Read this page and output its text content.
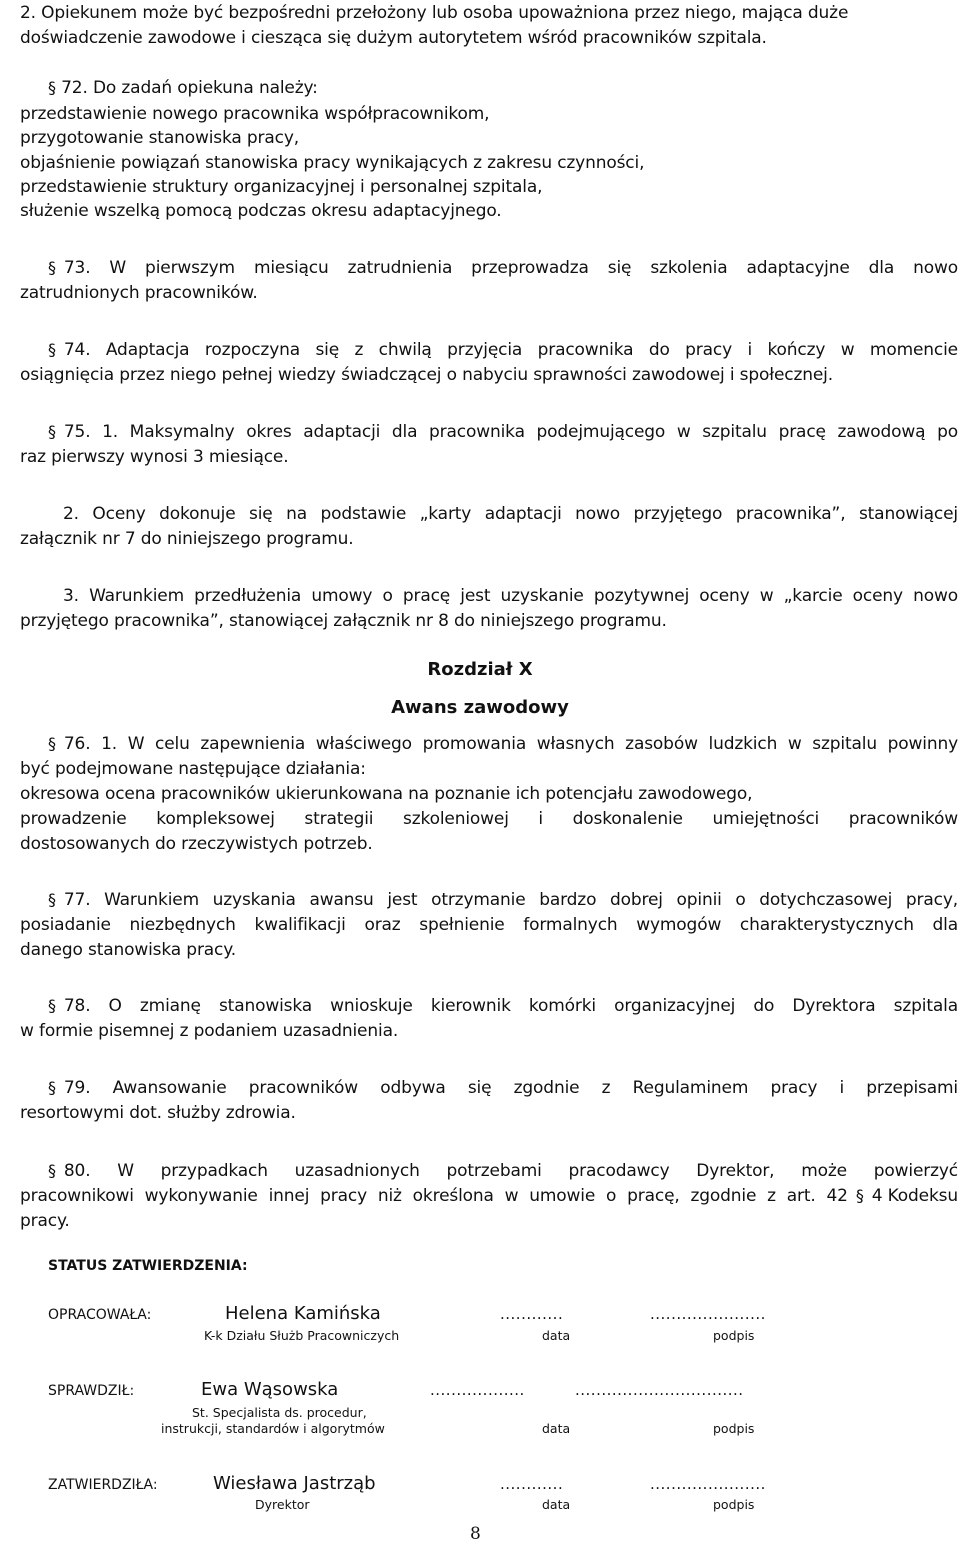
2. Opiekunem może być bezpośredni przełożony lub osoba upoważniona przez niego, mająca duże
doświadczenie zawodowe i ciesząca się dużym autorytetem wśród pracowników szpitala.
§ 72. Do zadań opiekuna należy:
przedstawienie nowego pracownika współpracownikom,
przygotowanie stanowiska pracy,
objaśnienie powiązań stanowiska pracy wynikających z zakresu czynności,
przedstawienie struktury organizacyjnej i personalnej szpitala,
służenie wszelką pomocą podczas okresu adaptacyjnego.
§ 73. W pierwszym miesiącu zatrudnienia przeprowadza się szkolenia adaptacyjne dla nowo
zatrudnionych pracowników.
§ 74. Adaptacja rozpoczyna się z chwilą przyjęcia pracownika do pracy i kończy w momencie
osiągnięcia przez niego pełnej wiedzy świadczącej o nabyciu sprawności zawodowej i społecznej.
§ 75. 1. Maksymalny okres adaptacji dla pracownika podejmującego w szpitalu pracę zawodową po
raz pierwszy wynosi 3 miesiące.
2. Oceny dokonuje się na podstawie „karty adaptacji nowo przyjętego pracownika”, stanowiącej
załącznik nr 7 do niniejszego programu.
3. Warunkiem przedłużenia umowy o pracę jest uzyskanie pozytywnej oceny w „karcie oceny nowo
przyjętego pracownika”, stanowiącej załącznik nr 8 do niniejszego programu.
Rozdział X
Awans zawodowy
§ 76. 1. W celu zapewnienia właściwego promowania własnych zasobów ludzkich w szpitalu powinny
być podejmowane następujące działania:
okresowa ocena pracowników ukierunkowana na poznanie ich potencjału zawodowego,
prowadzenie kompleksowej strategii szkoleniowej i doskonalenie umiejętności pracowników
dostosowanych do rzeczywistych potrzeb.
§ 77. Warunkiem uzyskania awansu jest otrzymanie bardzo dobrej opinii o dotychczasowej pracy,
posiadanie niezbędnych kwalifikacji oraz spełnienie formalnych wymogów charakterystycznych dla
danego stanowiska pracy.
§ 78. O zmianę stanowiska wnioskuje kierownik komórki organizacyjnej do Dyrektora szpitala
w formie pisemnej z podaniem uzasadnienia.
§ 79. Awansowanie pracowników odbywa się zgodnie z Regulaminem pracy i przepisami
resortowymi dot. służby zdrowia.
§ 80. W przypadkach uzasadnionych potrzebami pracodawcy Dyrektor, może powierzyć
pracownikowi wykonywanie innej pracy niż określona w umowie o pracę, zgodnie z art. 42 § 4 Kodeksu
pracy.
STATUS ZATWIERDZENIA:
OPRACOWAŁA:	Helena Kamińska
K-k Działu Służb Pracowniczych
............	......................
data	podpis
SPRAWDZIŁ:	Ewa Wąsowska
St. Specjalista ds. procedur,
instrukcji, standardów i algorytmów
..................	................................
data	podpis
ZATWIERDZIŁA:	Wiesława Jastrząb
Dyrektor
............	......................
data	podpis
8
